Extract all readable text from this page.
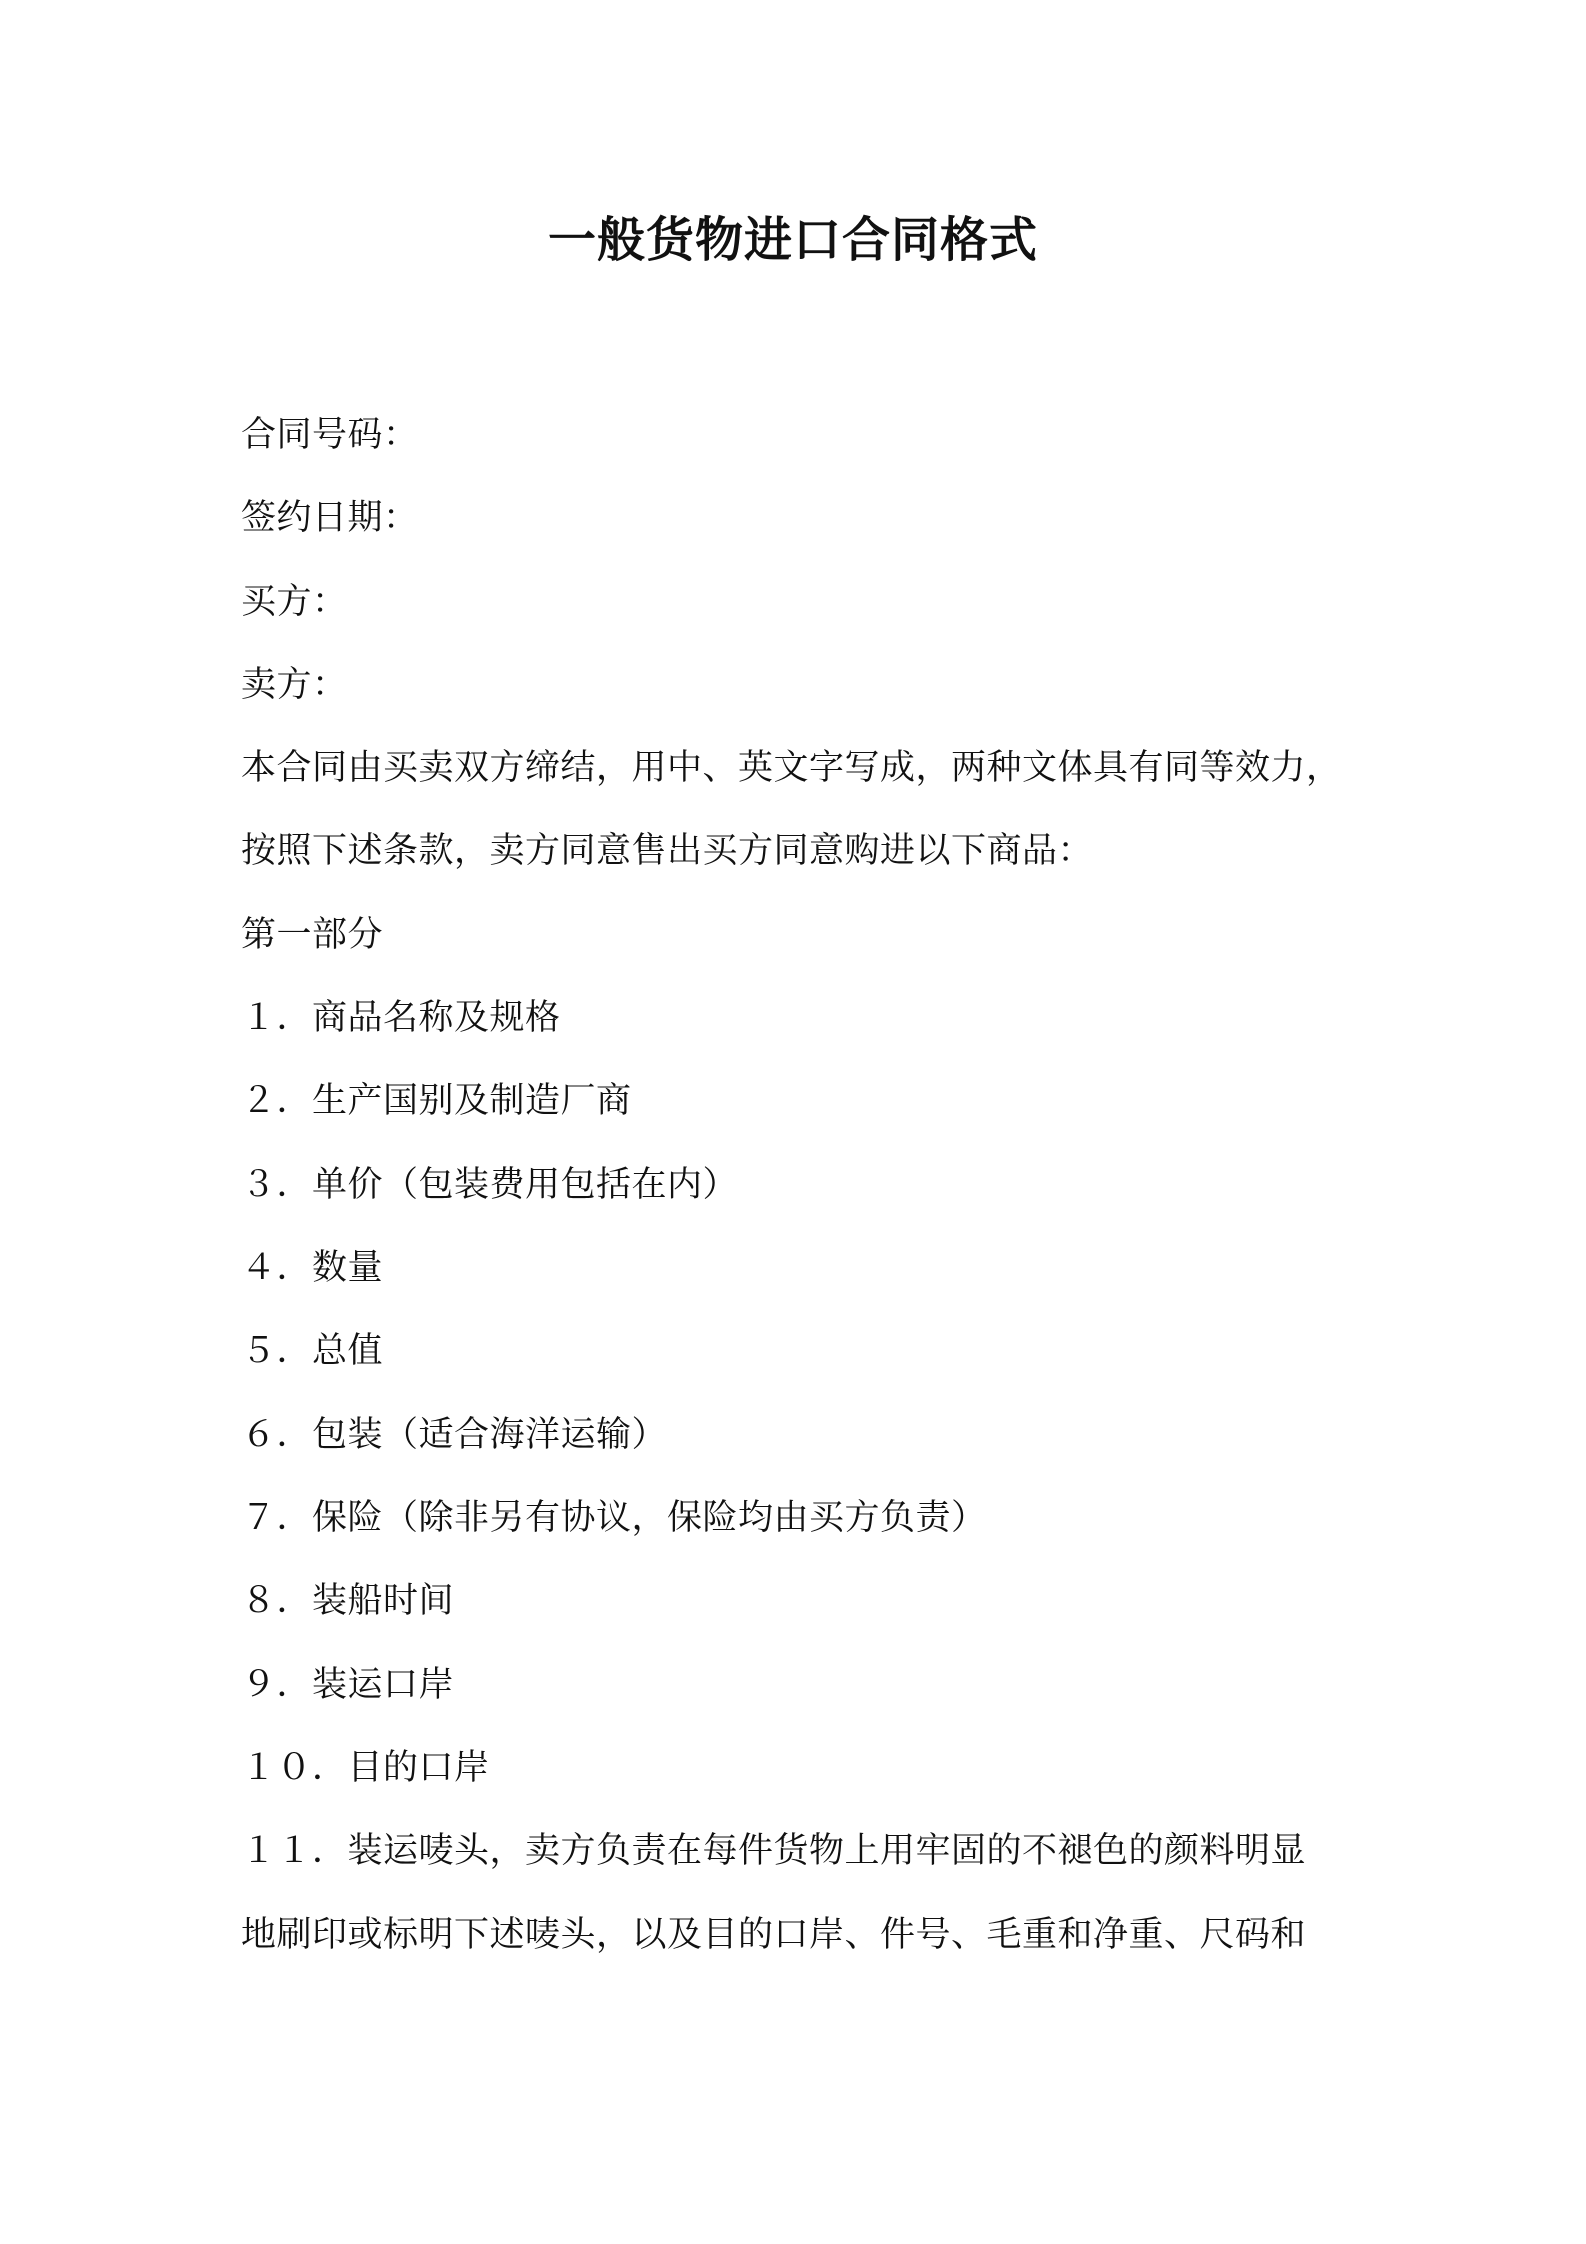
一般货物进口合同格式
合同号码：
签约日期：
买方：
卖方：
本合同由买卖双方缔结，用中、英文字写成，两种文体具有同等效力，
按照下述条款，卖方同意售出买方同意购进以下商品：
第一部分
１．商品名称及规格
２．生产国别及制造厂商
３．单价（包装费用包括在内）
４．数量
５．总值
６．包装（适合海洋运输）
７．保险（除非另有协议，保险均由买方负责）
８．装船时间
９．装运口岸
１０．目的口岸
１１．装运唛头，卖方负责在每件货物上用牢固的不褪色的颜料明显
地刷印或标明下述唛头，以及目的口岸、件号、毛重和净重、尺码和
